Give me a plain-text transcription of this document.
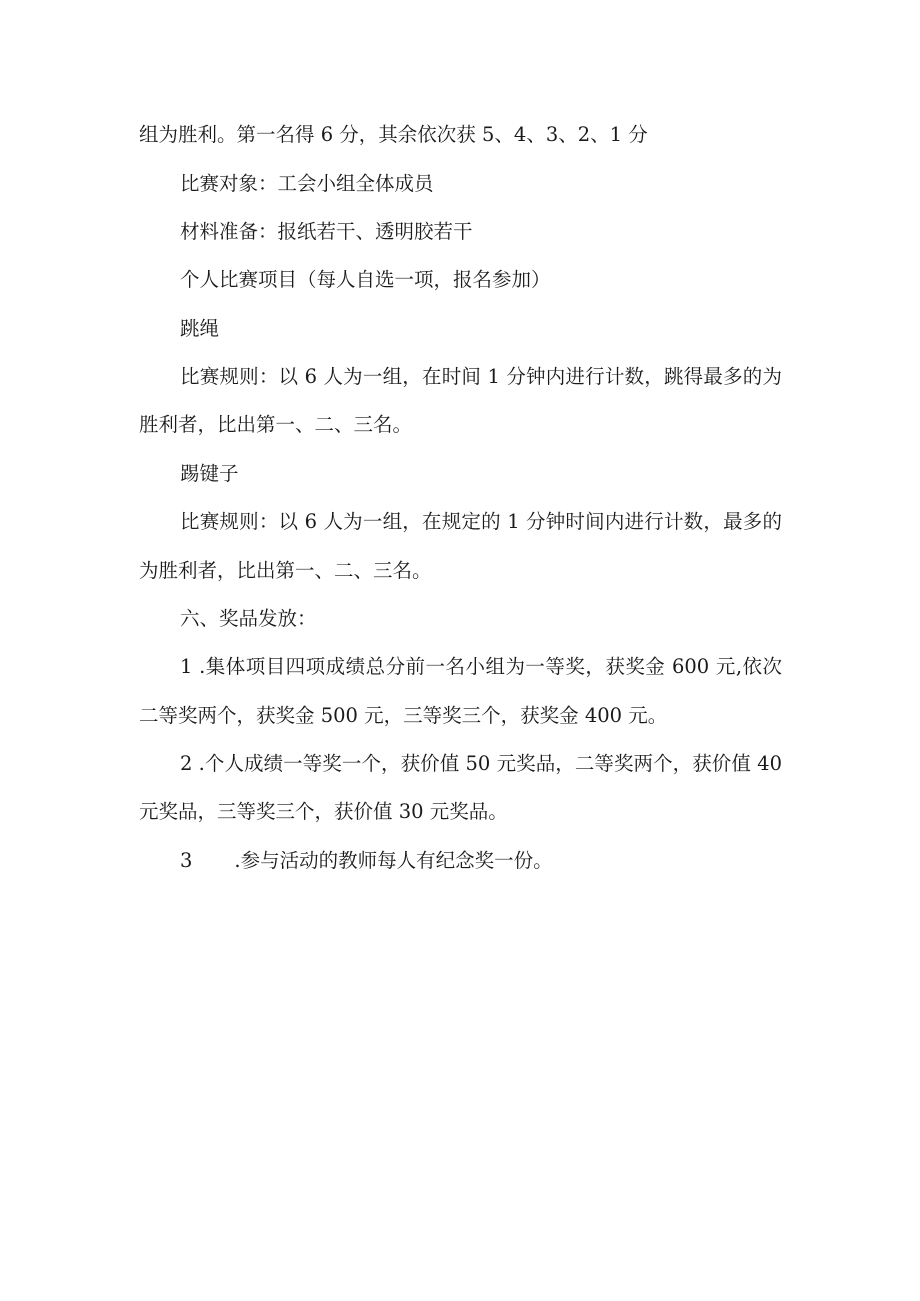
组为胜利。第一名得 6 分，其余依次获 5、4、3、2、1 分
比赛对象：工会小组全体成员
材料准备：报纸若干、透明胶若干
个人比赛项目（每人自选一项，报名参加）
跳绳
比赛规则：以 6 人为一组，在时间 1 分钟内进行计数，跳得最多的为
胜利者，比出第一、二、三名。
踢键子
比赛规则：以 6 人为一组，在规定的 1 分钟时间内进行计数，最多的
为胜利者，比出第一、二、三名。
六、奖品发放：
1 .集体项目四项成绩总分前一名小组为一等奖，获奖金 600 元,依次
二等奖两个，获奖金 500 元，三等奖三个，获奖金 400 元。
2 .个人成绩一等奖一个，获价值 50 元奖品，二等奖两个，获价值 40
元奖品，三等奖三个，获价值 30 元奖品。
3 .参与活动的教师每人有纪念奖一份。
